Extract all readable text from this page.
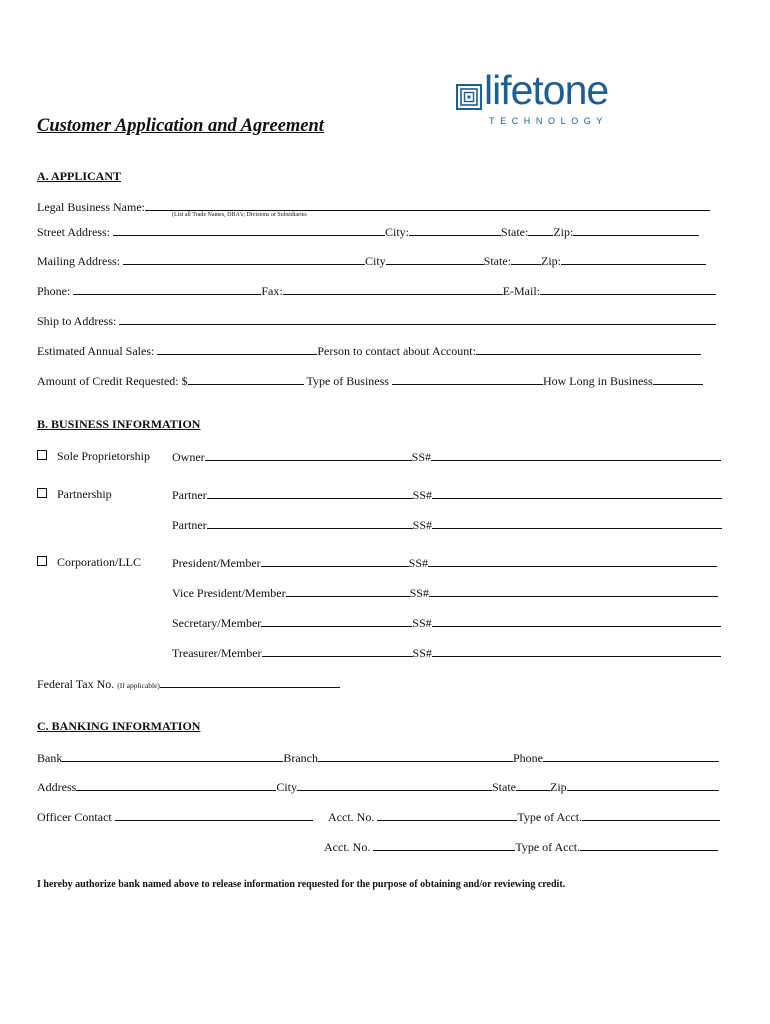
lifetone
TECHNOLOGY
Customer Application and Agreement
A. APPLICANT
Legal Business Name:
(List all Trade Names, DBA's; Divisions or Subsidiaries
Street Address:	City:	State: Zip:
Mailing Address:	City	State:	Zip:
Phone:	Fax:	E-Mail:
Ship to Address:
Estimated Annual Sales:	Person to contact about Account:
Amount of Credit Requested: $	Type of Business	How Long in Business
B. BUSINESS INFORMATION
Sole Proprietorship Owner	SS#
Partnership	Partner	SS#
Partner	SS#
Corporation/LLC	President/Member	SS#
Vice President/Member	SS#
Secretary/Member	SS#
Treasurer/Member	SS#
Federal Tax No. (If applicable)
C. BANKING INFORMATION
Bank	Branch	Phone
Address	City	State	Zip
Officer Contact	Acct. No.	Type of Acct.
Acct. No.	Type of Acct.
I hereby authorize bank named above to release information requested for the purpose of obtaining and/or reviewing credit.
